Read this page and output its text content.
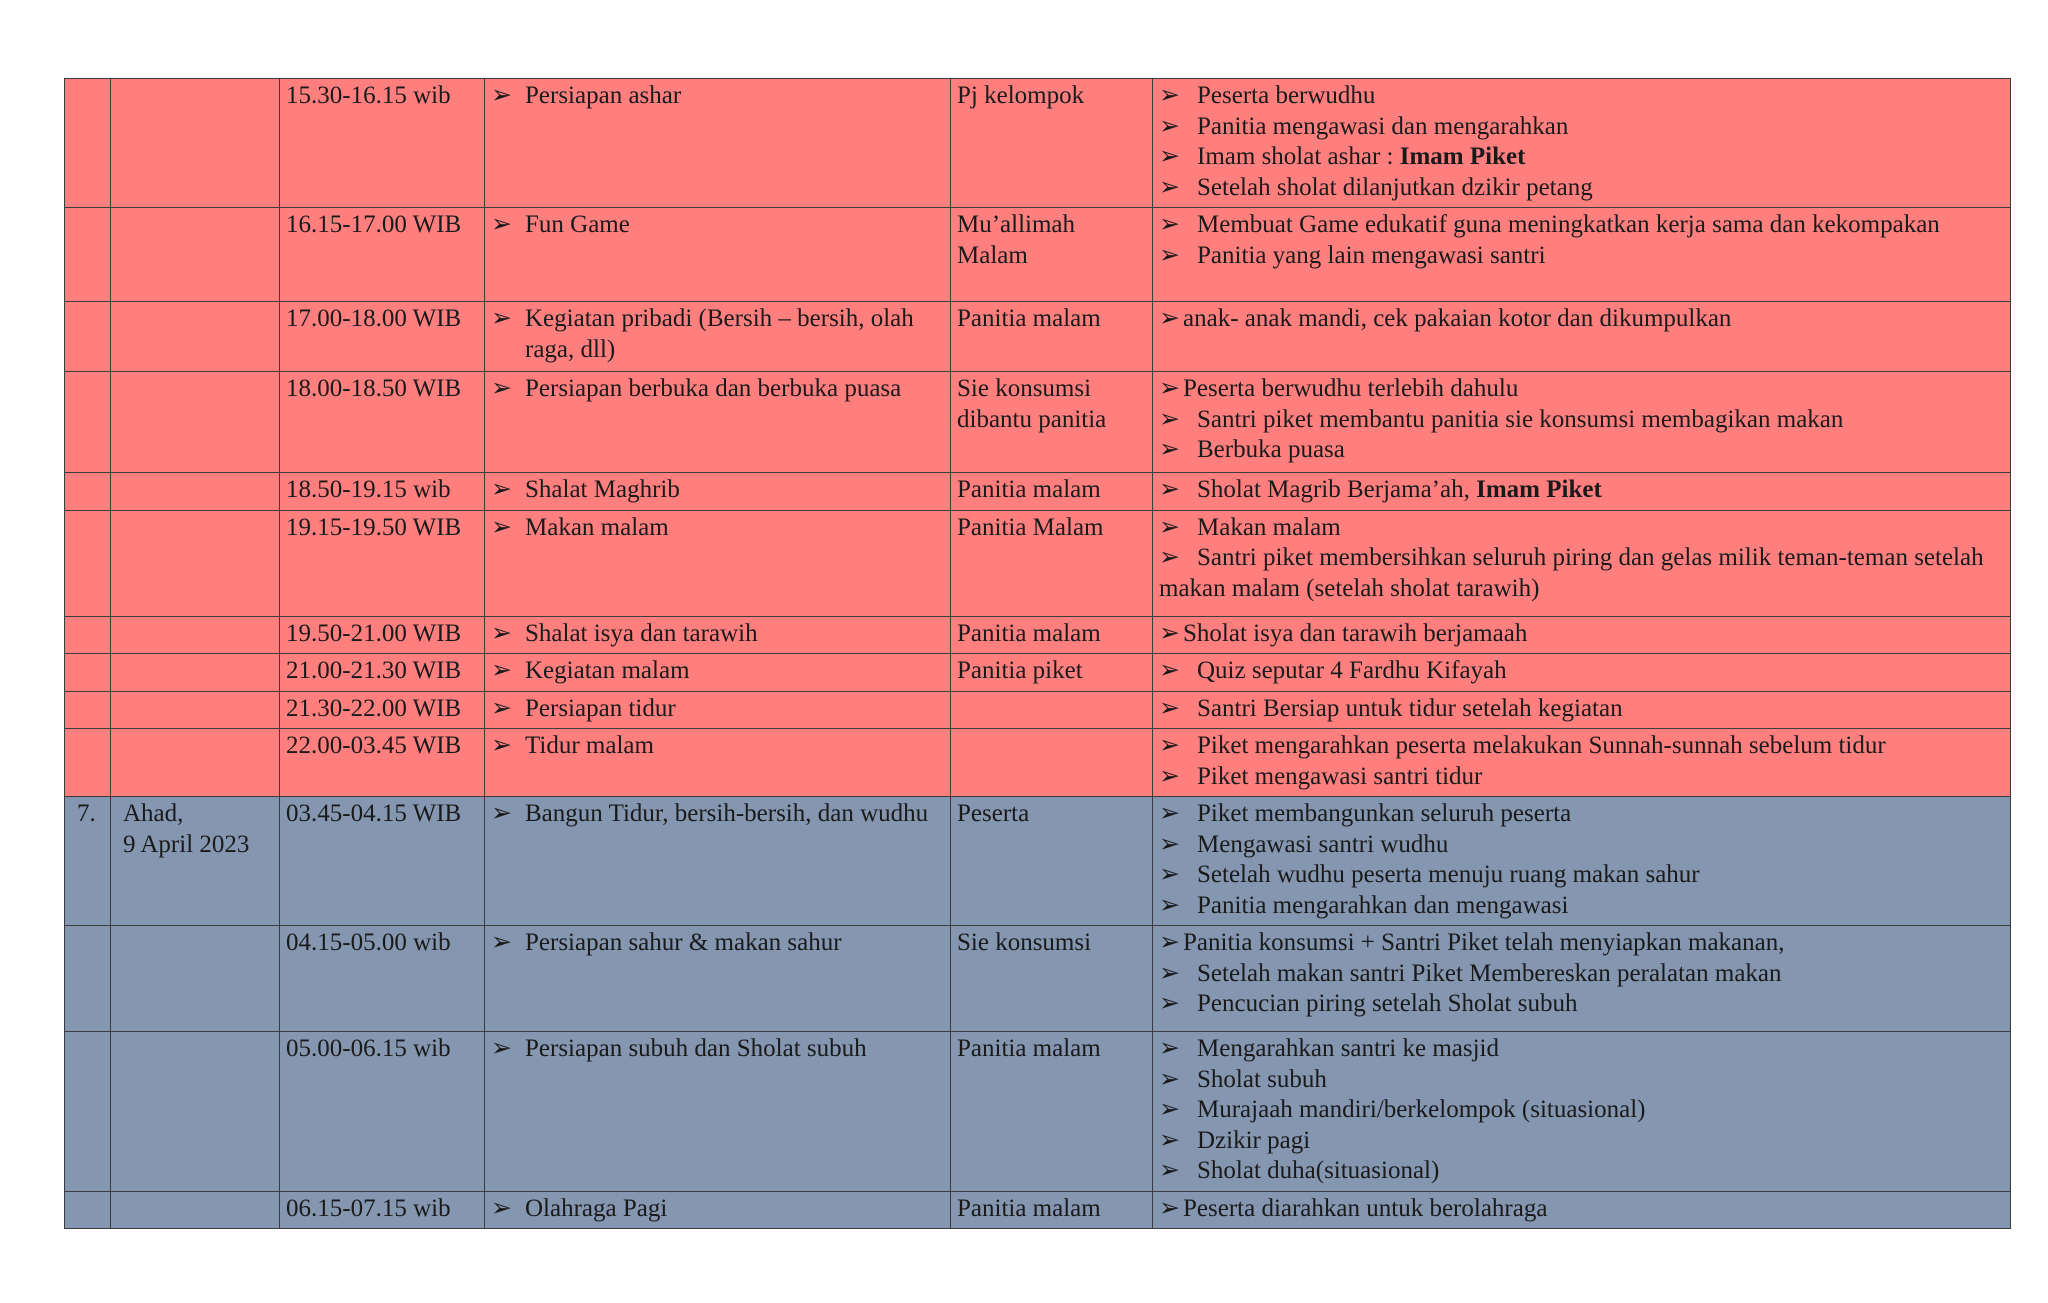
		15.30-16.15 wib	➢ Persiapan ashar	Pj kelompok	➢ Peserta berwudhu
➢ Panitia mengawasi dan mengarahkan
➢ Imam sholat ashar : Imam Piket
➢ Setelah sholat dilanjutkan dzikir petang

		16.15-17.00 WIB	➢ Fun Game	Mu’allimah Malam	➢ Membuat Game edukatif guna meningkatkan kerja sama dan kekompakan
➢ Panitia yang lain mengawasi santri

		17.00-18.00 WIB	➢ Kegiatan pribadi (Bersih – bersih, olah raga, dll)	Panitia malam	➢ anak- anak mandi, cek pakaian kotor dan dikumpulkan

		18.00-18.50 WIB	➢ Persiapan berbuka dan berbuka puasa	Sie konsumsi dibantu panitia	➢ Peserta berwudhu terlebih dahulu
➢ Santri piket membantu panitia sie konsumsi membagikan makan
➢ Berbuka puasa

		18.50-19.15 wib	➢ Shalat Maghrib	Panitia malam	➢ Sholat Magrib Berjama’ah, Imam Piket

		19.15-19.50 WIB	➢ Makan malam	Panitia Malam	➢ Makan malam
➢ Santri piket membersihkan seluruh piring dan gelas milik teman-teman setelah makan malam (setelah sholat tarawih)

		19.50-21.00 WIB	➢ Shalat isya dan tarawih	Panitia malam	➢ Sholat isya dan tarawih berjamaah

		21.00-21.30 WIB	➢ Kegiatan malam	Panitia piket	➢ Quiz seputar 4 Fardhu Kifayah

		21.30-22.00 WIB	➢ Persiapan tidur		➢ Santri Bersiap untuk tidur setelah kegiatan

		22.00-03.45 WIB	➢ Tidur malam		➢ Piket mengarahkan peserta melakukan Sunnah-sunnah sebelum tidur
➢ Piket mengawasi santri tidur

7.	Ahad,
9 April 2023	03.45-04.15 WIB	➢ Bangun Tidur, bersih-bersih, dan wudhu	Peserta	➢ Piket membangunkan seluruh peserta
➢ Mengawasi santri wudhu
➢ Setelah wudhu peserta menuju ruang makan sahur
➢ Panitia mengarahkan dan mengawasi

		04.15-05.00 wib	➢ Persiapan sahur & makan sahur	Sie konsumsi	➢ Panitia konsumsi + Santri Piket telah menyiapkan makanan,
➢ Setelah makan santri Piket Membereskan peralatan makan
➢ Pencucian piring setelah Sholat subuh

		05.00-06.15 wib	➢ Persiapan subuh dan Sholat subuh	Panitia malam	➢ Mengarahkan santri ke masjid
➢ Sholat subuh
➢ Murajaah mandiri/berkelompok (situasional)
➢ Dzikir pagi
➢ Sholat duha(situasional)

		06.15-07.15 wib	➢ Olahraga Pagi	Panitia malam	➢ Peserta diarahkan untuk berolahraga
